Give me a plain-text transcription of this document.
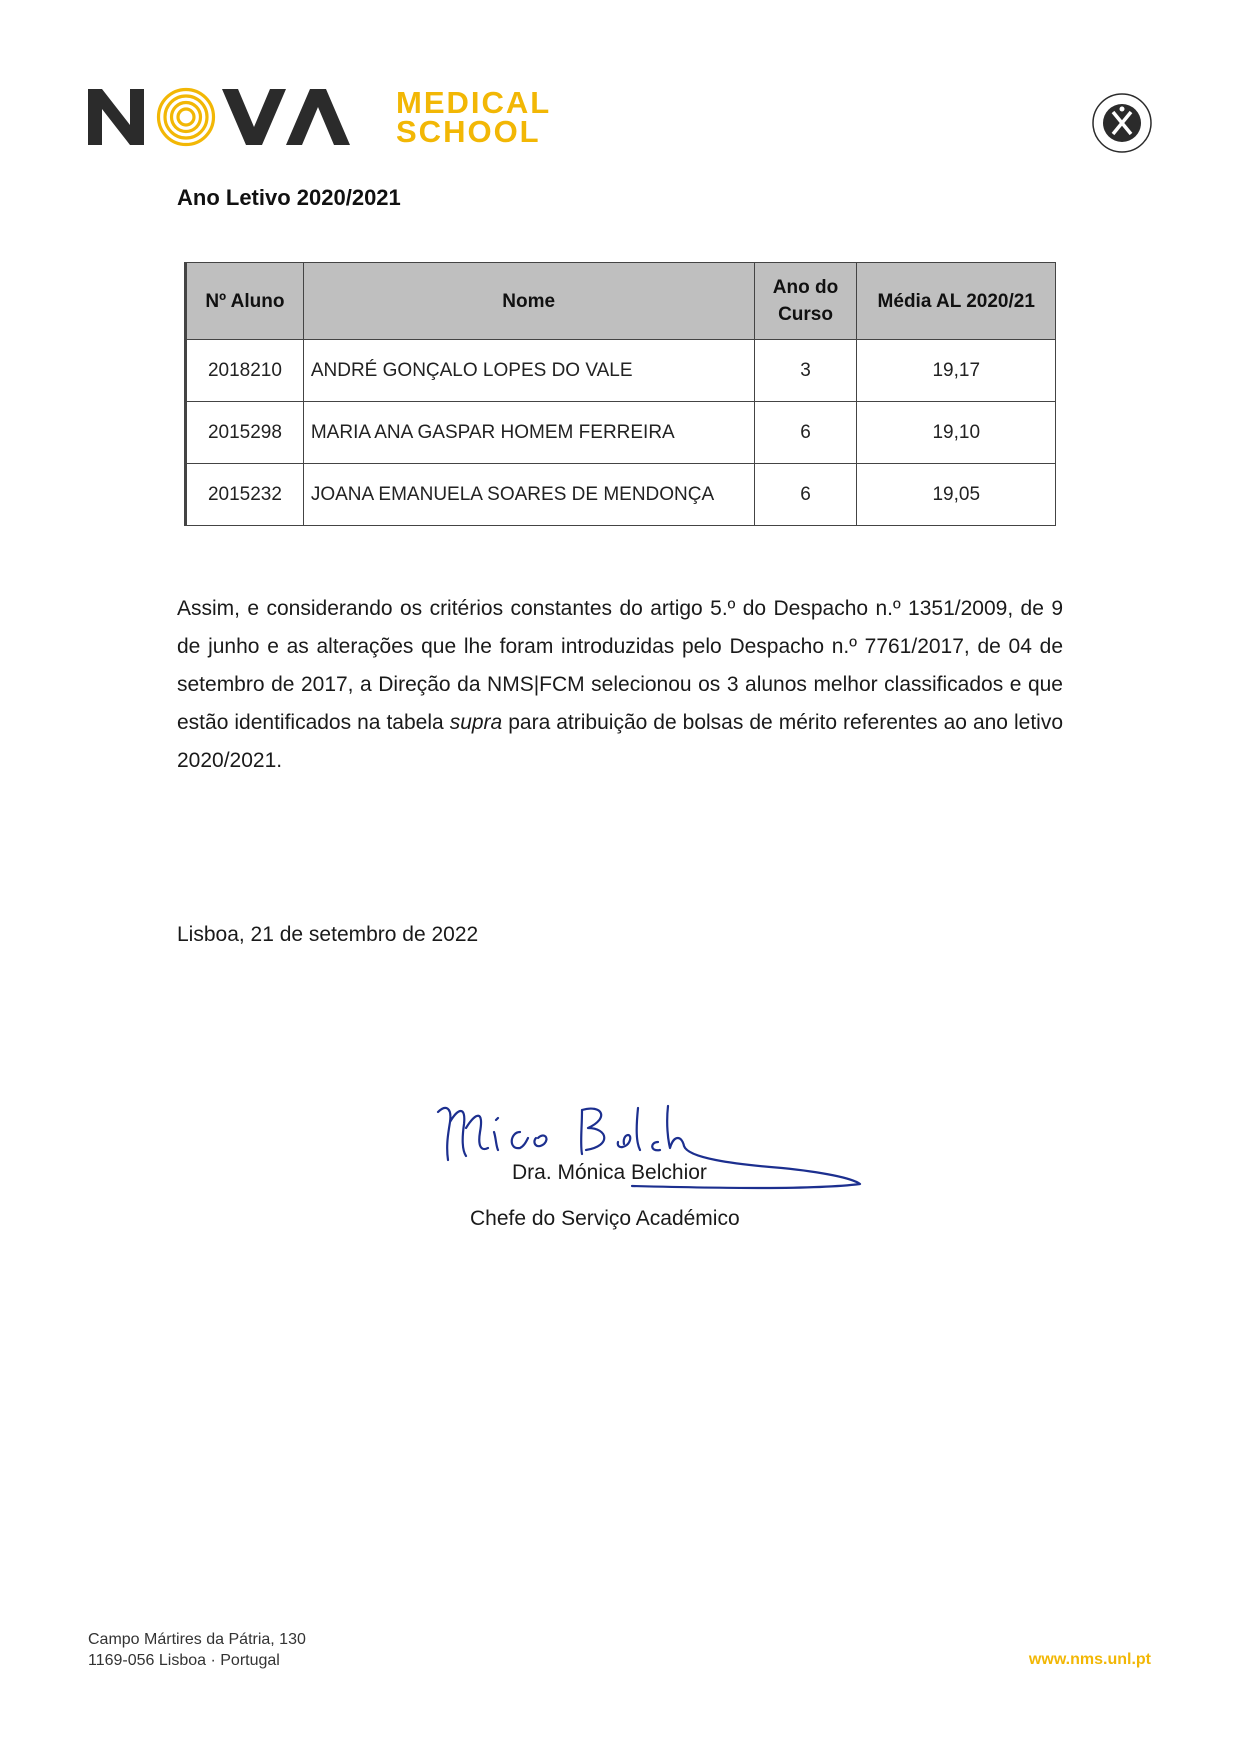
MEDICAL
SCHOOL
Ano Letivo 2020/2021
Nº Aluno	Nome	Ano do Curso	Média AL 2020/21
2018210	ANDRÉ GONÇALO LOPES DO VALE	3	19,17
2015298	MARIA ANA GASPAR HOMEM FERREIRA	6	19,10
2015232	JOANA EMANUELA SOARES DE MENDONÇA	6	19,05

Assim, e considerando os critérios constantes do artigo 5.º do Despacho n.º 1351/2009, de 9 de junho e as alterações que lhe foram introduzidas pelo Despacho n.º 7761/2017, de 04 de setembro de 2017, a Direção da NMS|FCM selecionou os 3 alunos melhor classificados e que estão identificados na tabela supra para atribuição de bolsas de mérito referentes ao ano letivo 2020/2021.

Lisboa, 21 de setembro de 2022

Dra. Mónica Belchior

Chefe do Serviço Académico

Campo Mártires da Pátria, 130
1169-056 Lisboa · Portugal	www.nms.unl.pt
